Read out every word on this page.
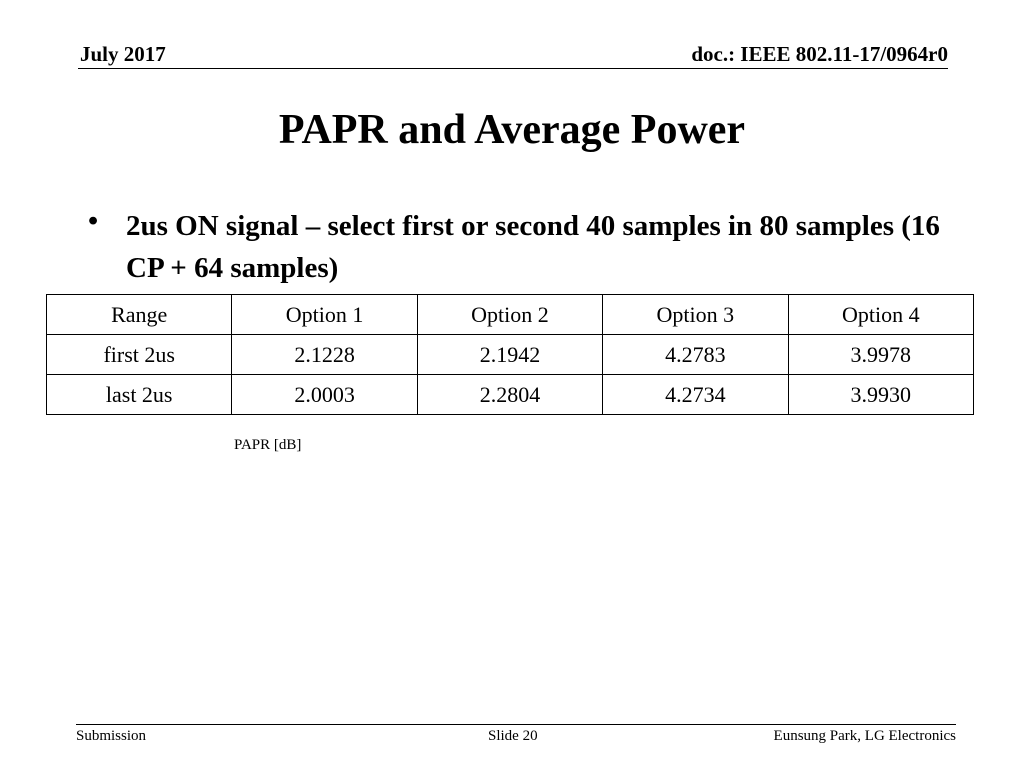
July 2017	doc.: IEEE 802.11-17/0964r0
PAPR and Average Power
• 2us ON signal – select first or second 40 samples in 80 samples (16 CP + 64 samples)
Range	Option 1	Option 2	Option 3	Option 4
first 2us	2.1228	2.1942	4.2783	3.9978
last 2us	2.0003	2.2804	4.2734	3.9930
PAPR [dB]
Submission	Slide 20	Eunsung Park, LG Electronics
